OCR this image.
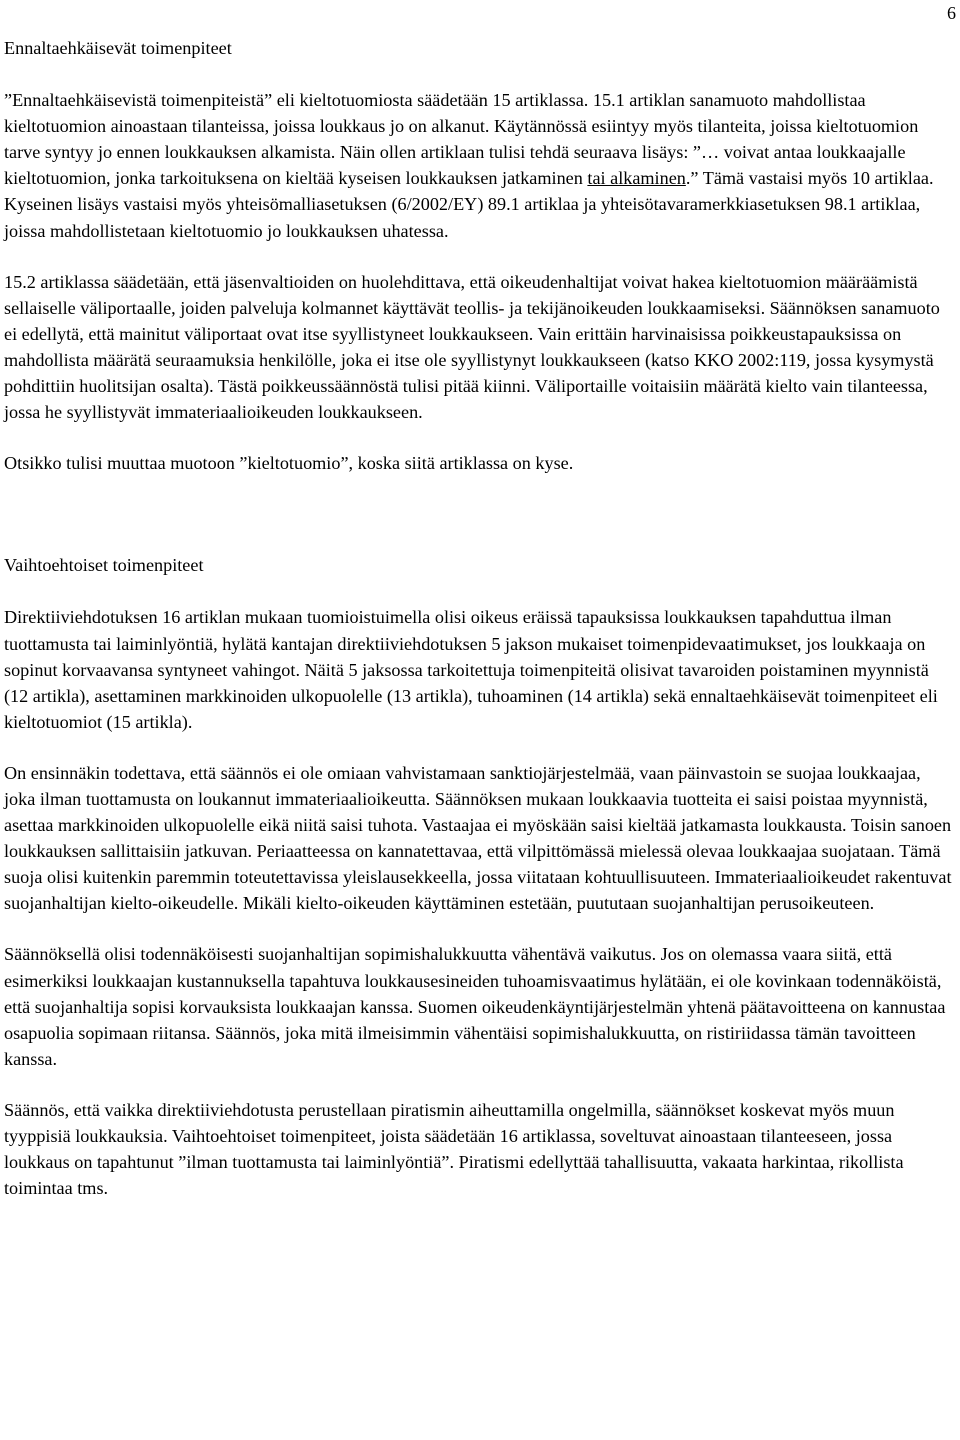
6
Ennaltaehkäisevät toimenpiteet

”Ennaltaehkäisevistä toimenpiteistä” eli kieltotuomiosta säädetään 15 artiklassa. 15.1 artiklan sanamuoto mahdollistaa kieltotuomion ainoastaan tilanteissa, joissa loukkaus jo on alkanut. Käytännössä esiintyy myös tilanteita, joissa kieltotuomion tarve syntyy jo ennen loukkauksen alkamista. Näin ollen artiklaan tulisi tehdä seuraava lisäys: ”… voivat antaa loukkaajalle kieltotuomion, jonka tarkoituksena on kieltää kyseisen loukkauksen jatkaminen tai alkaminen.” Tämä vastaisi myös 10 artiklaa. Kyseinen lisäys vastaisi myös yhteisömalliasetuksen (6/2002/EY) 89.1 artiklaa ja yhteisötavaramerkkiasetuksen 98.1 artiklaa, joissa mahdollistetaan kieltotuomio jo loukkauksen uhatessa.

15.2 artiklassa säädetään, että jäsenvaltioiden on huolehdittava, että oikeudenhaltijat voivat hakea kieltotuomion määräämistä sellaiselle väliportaalle, joiden palveluja kolmannet käyttävät teollis- ja tekijänoikeuden loukkaamiseksi. Säännöksen sanamuoto ei edellytä, että mainitut väliportaat ovat itse syyllistyneet loukkaukseen. Vain erittäin harvinaisissa poikkeustapauksissa on mahdollista määrätä seuraamuksia henkilölle, joka ei itse ole syyllistynyt loukkaukseen (katso KKO 2002:119, jossa kysymystä pohdittiin huolitsijan osalta). Tästä poikkeussäännöstä tulisi pitää kiinni. Väliportaille voitaisiin määrätä kielto vain tilanteessa, jossa he syyllistyvät immateriaalioikeuden loukkaukseen.

Otsikko tulisi muuttaa muotoon ”kieltotuomio”, koska siitä artiklassa on kyse.

Vaihtoehtoiset toimenpiteet

Direktiiviehdotuksen 16 artiklan mukaan tuomioistuimella olisi oikeus eräissä tapauksissa loukkauksen tapahduttua ilman tuottamusta tai laiminlyöntiä, hylätä kantajan direktiiviehdotuksen 5 jakson mukaiset toimenpidevaatimukset, jos loukkaaja on sopinut korvaavansa syntyneet vahingot. Näitä 5 jaksossa tarkoitettuja toimenpiteitä olisivat tavaroiden poistaminen myynnistä (12 artikla), asettaminen markkinoiden ulkopuolelle (13 artikla), tuhoaminen (14 artikla) sekä ennaltaehkäisevät toimenpiteet eli kieltotuomiot (15 artikla).

On ensinnäkin todettava, että säännös ei ole omiaan vahvistamaan sanktiojärjestelmää, vaan päinvastoin se suojaa loukkaajaa, joka ilman tuottamusta on loukannut immateriaalioikeutta. Säännöksen mukaan loukkaavia tuotteita ei saisi poistaa myynnistä, asettaa markkinoiden ulkopuolelle eikä niitä saisi tuhota. Vastaajaa ei myöskään saisi kieltää jatkamasta loukkausta. Toisin sanoen loukkauksen sallittaisiin jatkuvan. Periaatteessa on kannatettavaa, että vilpittömässä mielessä olevaa loukkaajaa suojataan. Tämä suoja olisi kuitenkin paremmin toteutettavissa yleislausekkeella, jossa viitataan kohtuullisuuteen. Immateriaalioikeudet rakentuvat suojanhaltijan kielto-oikeudelle. Mikäli kielto-oikeuden käyttäminen estetään, puututaan suojanhaltijan perusoikeuteen.

Säännöksellä olisi todennäköisesti suojanhaltijan sopimishalukkuutta vähentävä vaikutus. Jos on olemassa vaara siitä, että esimerkiksi loukkaajan kustannuksella tapahtuva loukkausesineiden tuhoamisvaatimus hylätään, ei ole kovinkaan todennäköistä, että suojanhaltija sopisi korvauksista loukkaajan kanssa. Suomen oikeudenkäyntijärjestelmän yhtenä päätavoitteena on kannustaa osapuolia sopimaan riitansa. Säännös, joka mitä ilmeisimmin vähentäisi sopimishalukkuutta, on ristiriidassa tämän tavoitteen kanssa.

Säännös, että vaikka direktiiviehdotusta perustellaan piratismin aiheuttamilla ongelmilla, säännökset koskevat myös muun tyyppisiä loukkauksia. Vaihtoehtoiset toimenpiteet, joista säädetään 16 artiklassa, soveltuvat ainoastaan tilanteeseen, jossa loukkaus on tapahtunut ”ilman tuottamusta tai laiminlyöntiä”. Piratismi edellyttää tahallisuutta, vakaata harkintaa, rikollista toimintaa tms.
